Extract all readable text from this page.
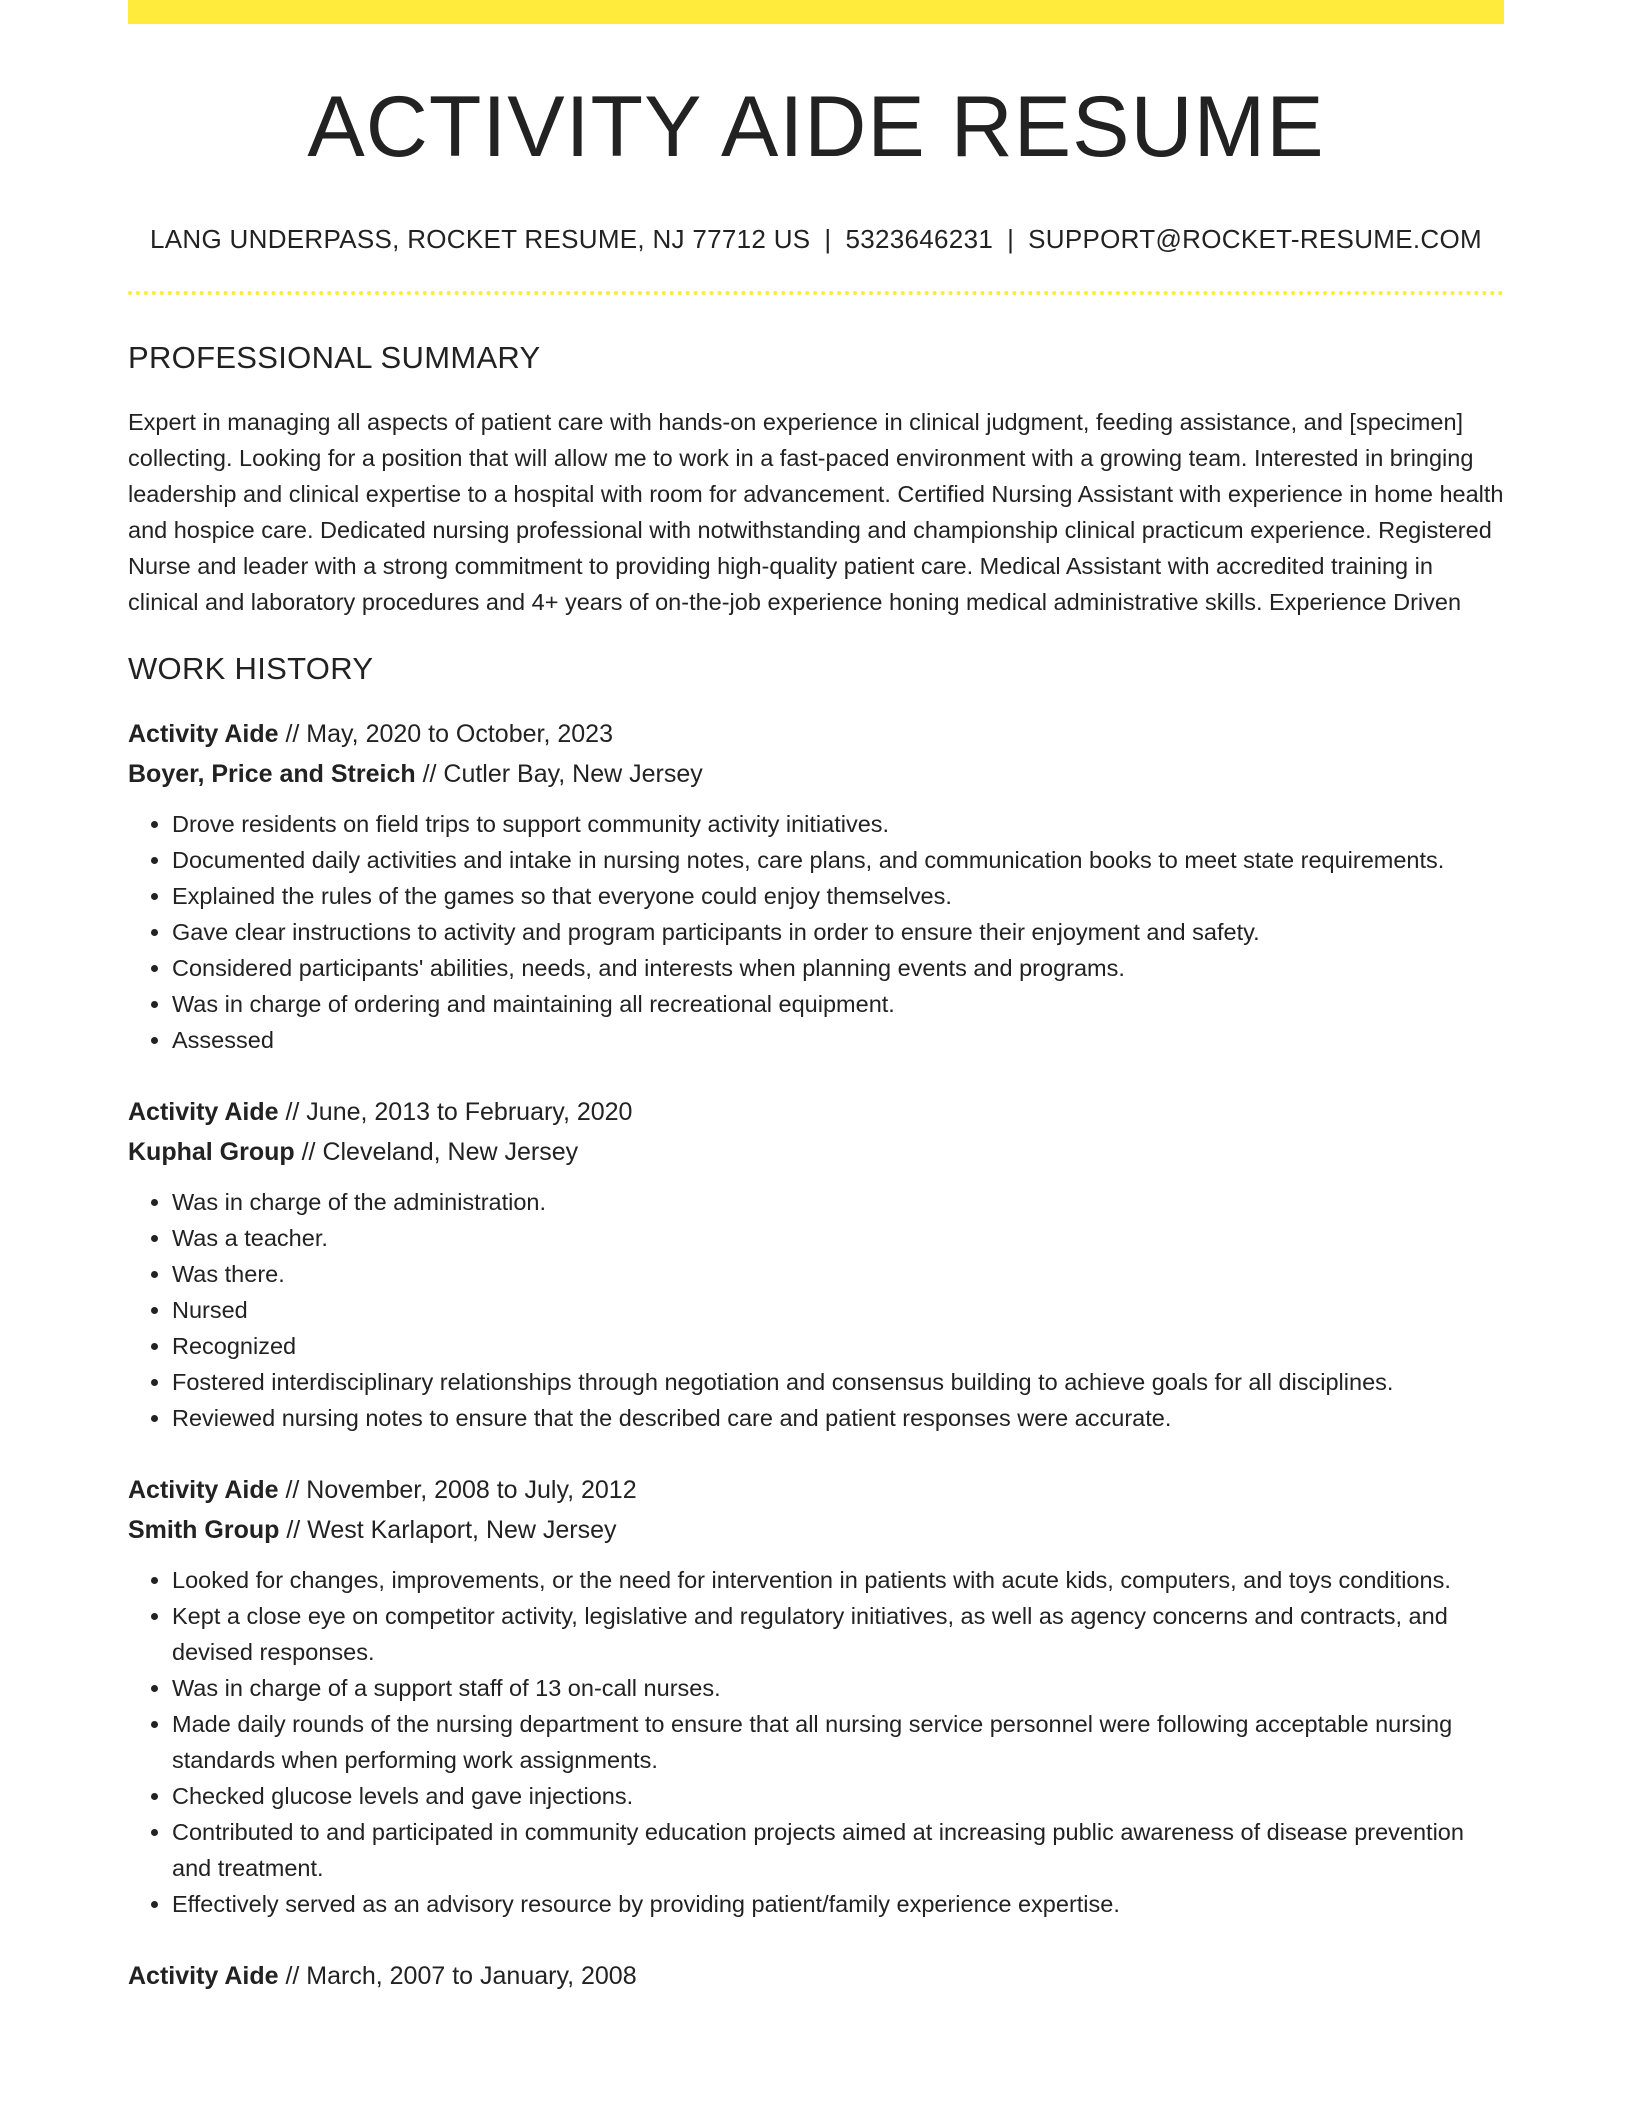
ACTIVITY AIDE RESUME
LANG UNDERPASS, ROCKET RESUME, NJ 77712 US | 5323646231 | SUPPORT@ROCKET-RESUME.COM
PROFESSIONAL SUMMARY

Expert in managing all aspects of patient care with hands-on experience in clinical judgment, feeding assistance, and [specimen] collecting. Looking for a position that will allow me to work in a fast-paced environment with a growing team. Interested in bringing leadership and clinical expertise to a hospital with room for advancement. Certified Nursing Assistant with experience in home health and hospice care. Dedicated nursing professional with notwithstanding and championship clinical practicum experience. Registered Nurse and leader with a strong commitment to providing high-quality patient care. Medical Assistant with accredited training in clinical and laboratory procedures and 4+ years of on-the-job experience honing medical administrative skills. Experience Driven

WORK HISTORY
Activity Aide // May, 2020 to October, 2023
Boyer, Price and Streich // Cutler Bay, New Jersey
• Drove residents on field trips to support community activity initiatives.
• Documented daily activities and intake in nursing notes, care plans, and communication books to meet state requirements.
• Explained the rules of the games so that everyone could enjoy themselves.
• Gave clear instructions to activity and program participants in order to ensure their enjoyment and safety.
• Considered participants' abilities, needs, and interests when planning events and programs.
• Was in charge of ordering and maintaining all recreational equipment.
• Assessed
Activity Aide // June, 2013 to February, 2020
Kuphal Group // Cleveland, New Jersey
• Was in charge of the administration.
• Was a teacher.
• Was there.
• Nursed
• Recognized
• Fostered interdisciplinary relationships through negotiation and consensus building to achieve goals for all disciplines.
• Reviewed nursing notes to ensure that the described care and patient responses were accurate.
Activity Aide // November, 2008 to July, 2012
Smith Group // West Karlaport, New Jersey
• Looked for changes, improvements, or the need for intervention in patients with acute kids, computers, and toys conditions.
• Kept a close eye on competitor activity, legislative and regulatory initiatives, as well as agency concerns and contracts, and devised responses.
• Was in charge of a support staff of 13 on-call nurses.
• Made daily rounds of the nursing department to ensure that all nursing service personnel were following acceptable nursing standards when performing work assignments.
• Checked glucose levels and gave injections.
• Contributed to and participated in community education projects aimed at increasing public awareness of disease prevention and treatment.
• Effectively served as an advisory resource by providing patient/family experience expertise.
Activity Aide // March, 2007 to January, 2008
